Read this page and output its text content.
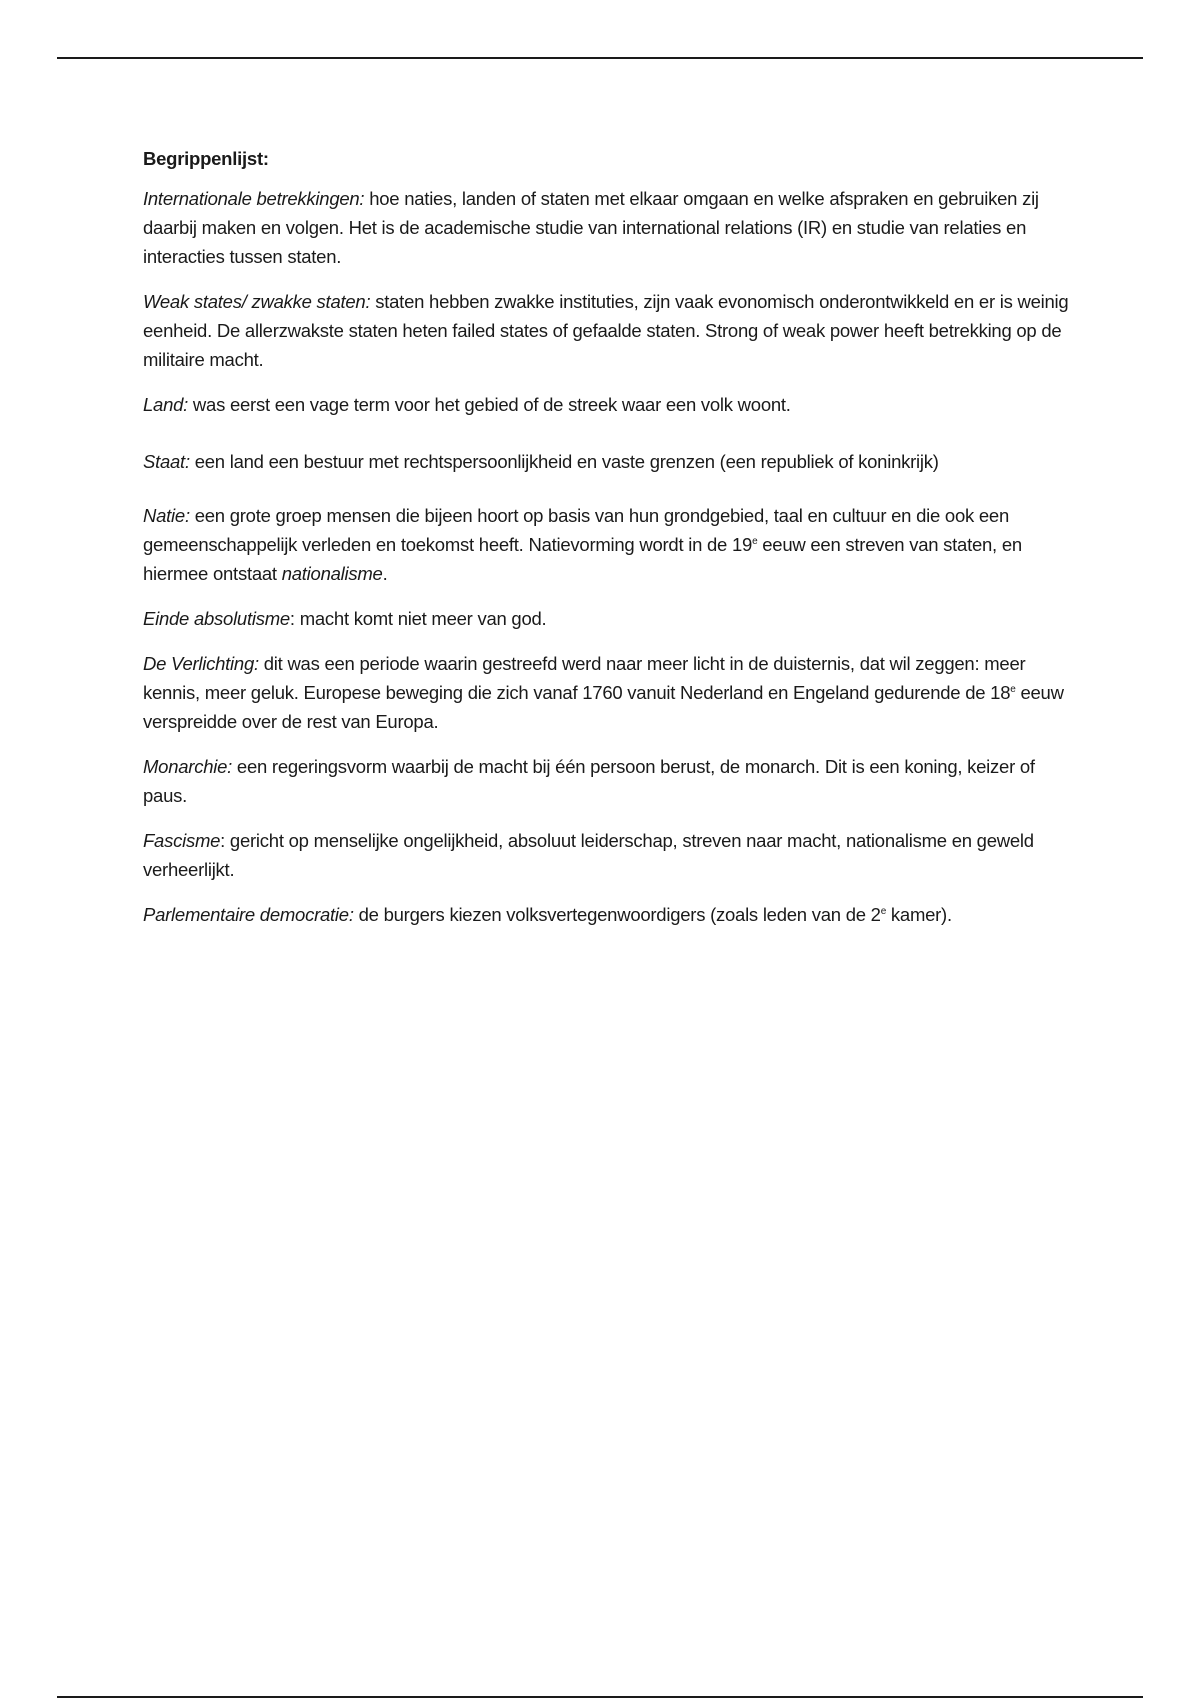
Begrippenlijst:

Internationale betrekkingen: hoe naties, landen of staten met elkaar omgaan en welke afspraken en gebruiken zij daarbij maken en volgen. Het is de academische studie van international relations (IR) en studie van relaties en interacties tussen staten.

Weak states/ zwakke staten: staten hebben zwakke instituties, zijn vaak evonomisch onderontwikkeld en er is weinig eenheid. De allerzwakste staten heten failed states of gefaalde staten. Strong of weak power heeft betrekking op de militaire macht.

Land: was eerst een vage term voor het gebied of de streek waar een volk woont.

Staat: een land een bestuur met rechtspersoonlijkheid en vaste grenzen (een republiek of koninkrijk)

Natie: een grote groep mensen die bijeen hoort op basis van hun grondgebied, taal en cultuur en die ook een gemeenschappelijk verleden en toekomst heeft. Natievorming wordt in de 19e eeuw een streven van staten, en hiermee ontstaat nationalisme.

Einde absolutisme: macht komt niet meer van god.

De Verlichting: dit was een periode waarin gestreefd werd naar meer licht in de duisternis, dat wil zeggen: meer kennis, meer geluk. Europese beweging die zich vanaf 1760 vanuit Nederland en Engeland gedurende de 18e eeuw verspreidde over de rest van Europa.

Monarchie: een regeringsvorm waarbij de macht bij één persoon berust, de monarch. Dit is een koning, keizer of paus.

Fascisme: gericht op menselijke ongelijkheid, absoluut leiderschap, streven naar macht, nationalisme en geweld verheerlijkt.

Parlementaire democratie: de burgers kiezen volksvertegenwoordigers (zoals leden van de 2e kamer).
